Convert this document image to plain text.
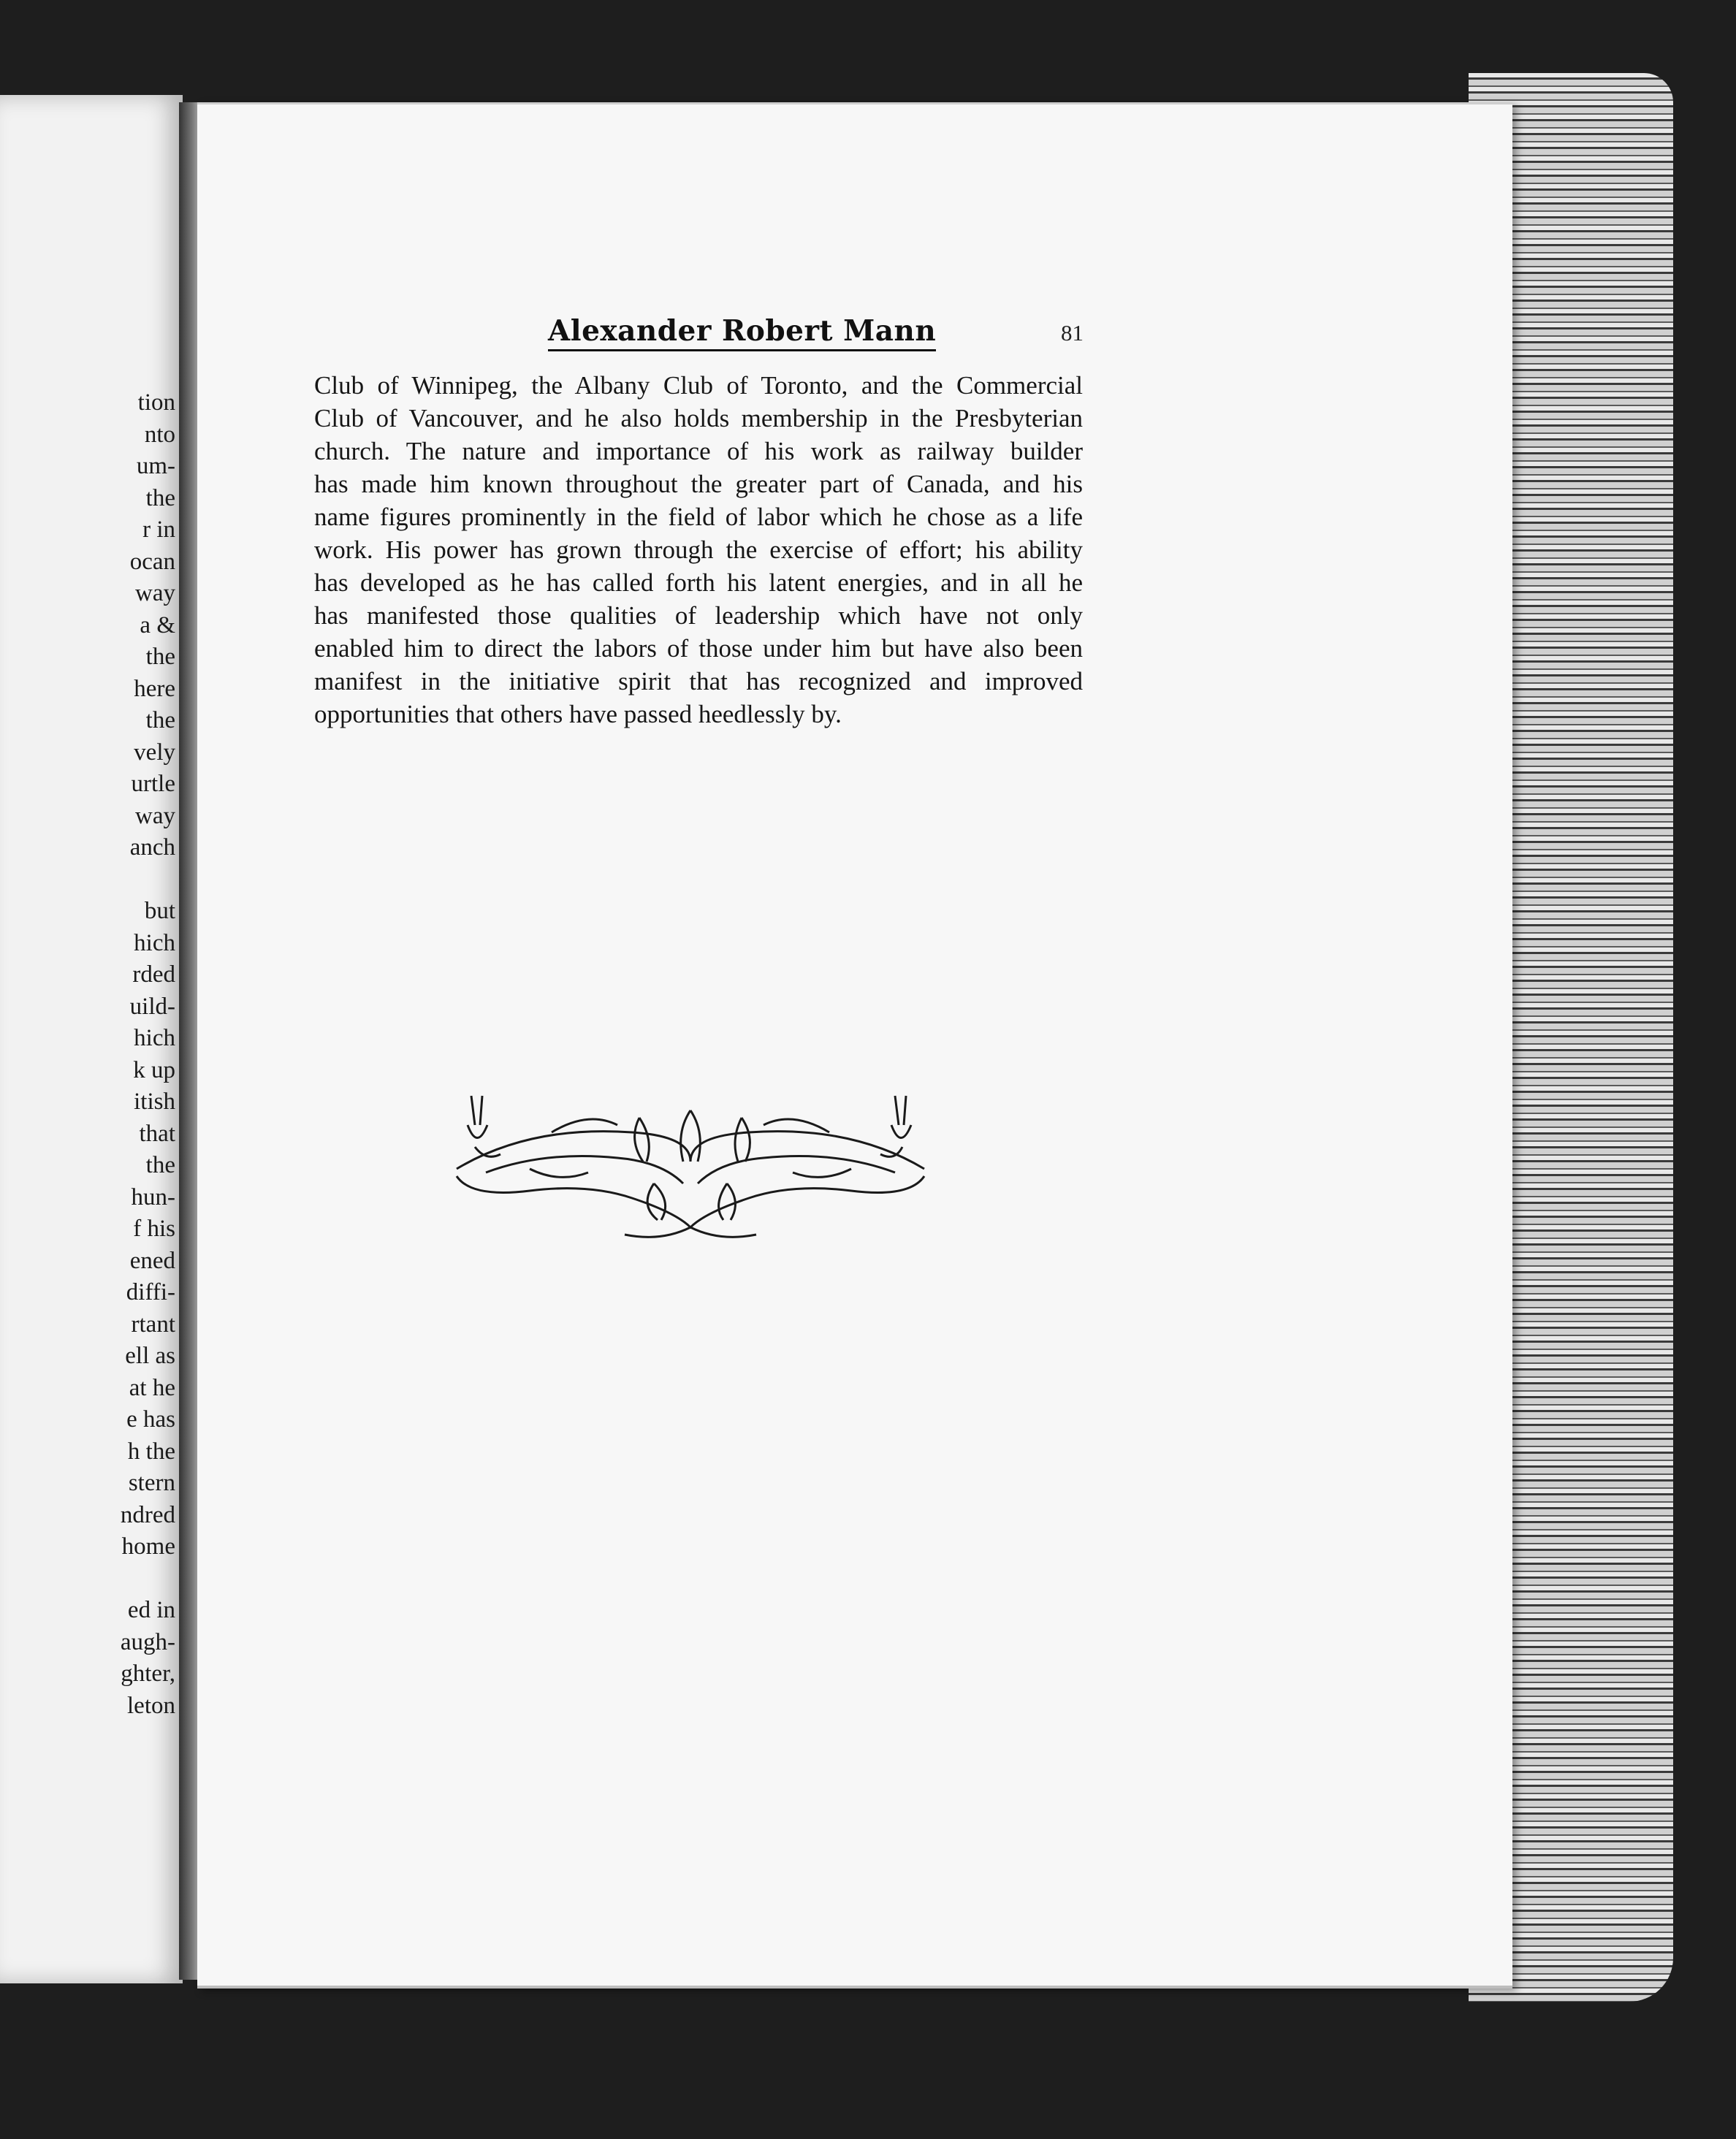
tion
nto
um-
the
r in
ocan
way
a &
the
here
the
vely
urtle
way
anch
but
hich
rded
uild-
hich
k up
itish
that
the
hun-
f his
ened
diffi-
rtant
ell as
at he
e has
h the
stern
ndred
home
ed in
augh-
ghter,
leton
Alexander Robert Mann	81
Club of Winnipeg, the Albany Club of Toronto, and the Commercial
Club of Vancouver, and he also holds membership in the Presbyterian
church. The nature and importance of his work as railway builder
has made him known throughout the greater part of Canada, and his
name figures prominently in the field of labor which he chose as a life
work. His power has grown through the exercise of effort; his ability
has developed as he has called forth his latent energies, and in all he
has manifested those qualities of leadership which have not only
enabled him to direct the labors of those under him but have also been
manifest in the initiative spirit that has recognized and improved
opportunities that others have passed heedlessly by.
